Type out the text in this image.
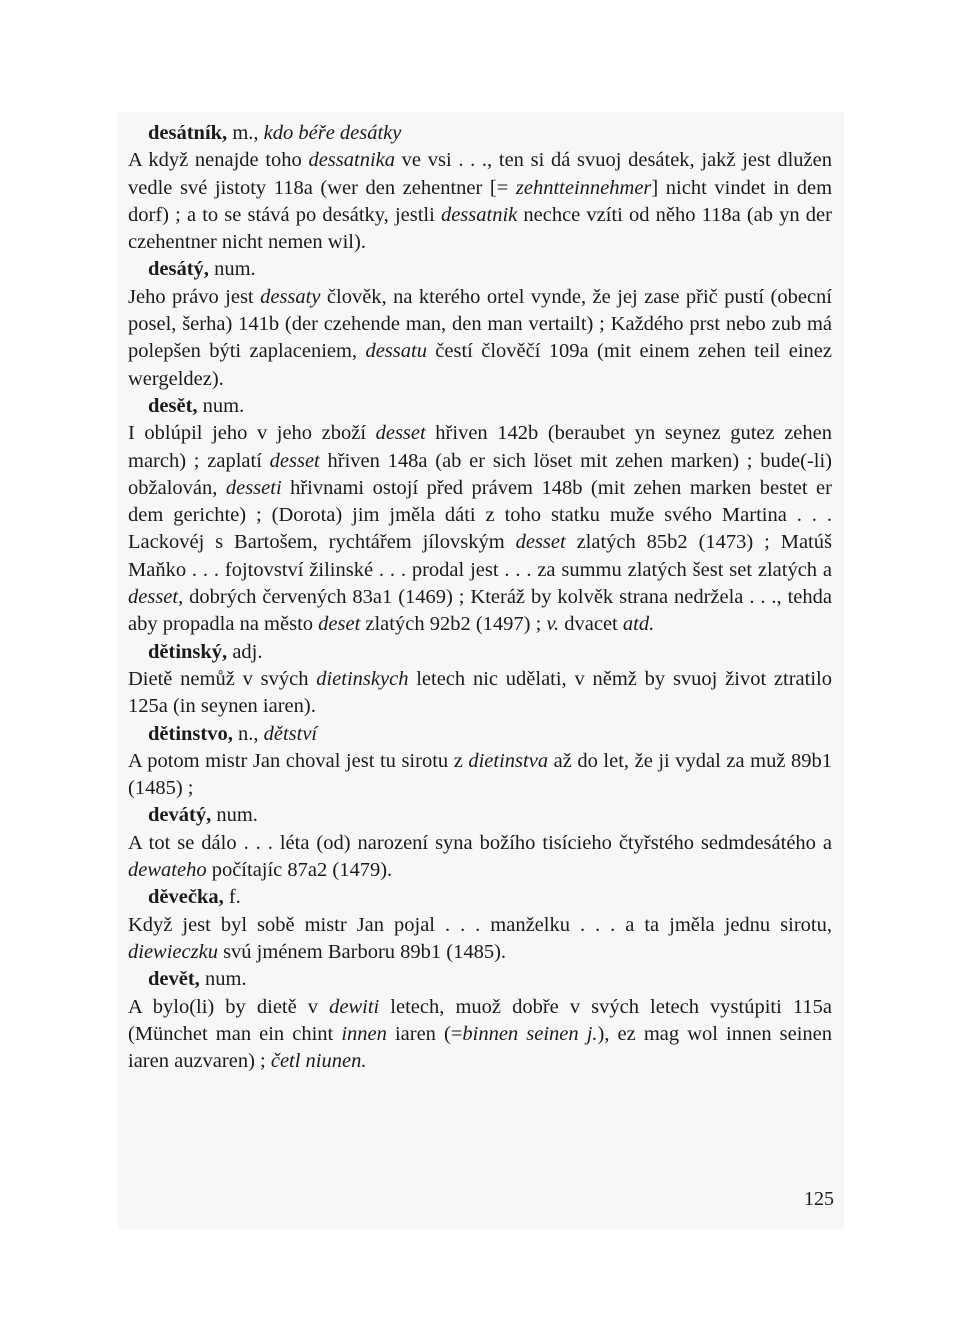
desátník, m., kdo béře desátky

A když nenajde toho dessatnika ve vsi . . ., ten si dá svuoj desátek, jakž jest dlužen vedle své jistoty 118a (wer den zehentner [= zehntteinnehmer] nicht vindet in dem dorf) ; a to se stává po desátky, jestli dessatnik nechce vzíti od něho 118a (ab yn der czehentner nicht nemen wil).

desátý, num.

Jeho právo jest dessaty člověk, na kterého ortel vynde, že jej zase přič pustí (obecní posel, šerha) 141b (der czehende man, den man vertailt) ; Každého prst nebo zub má polepšen býti zaplaceniem, dessatu čestí člověčí 109a (mit einem zehen teil einez wergeldez).

desět, num.

I oblúpil jeho v jeho zboží desset hřiven 142b (beraubet yn seynez gutez zehen march) ; zaplatí desset hřiven 148a (ab er sich löset mit zehen marken) ; bude(-li) obžalován, desseti hřivnami ostojí před právem 148b (mit zehen marken bestet er dem gerichte) ; (Dorota) jim jměla dáti z toho statku muže svého Martina . . . Lackovéj s Bartošem, rychtářem jílovským desset zlatých 85b2 (1473) ; Matúš Maňko . . . fojtovství žilinské . . . prodal jest . . . za summu zlatých šest set zlatých a desset, dobrých červených 83a1 (1469) ; Kteráž by kolvěk strana nedržela . . ., tehda aby propadla na město deset zlatých 92b2 (1497) ; v. dvacet atd.

dětinský, adj.

Dietě nemůž v svých dietinskych letech nic udělati, v němž by svuoj život ztratilo 125a (in seynen iaren).

dětinstvo, n., dětství

A potom mistr Jan choval jest tu sirotu z dietinstva až do let, že ji vydal za muž 89b1 (1485) ;

devátý, num.

A tot se dálo . . . léta (od) narození syna božího tisícieho čtyřstého sedmdesátého a dewateho počítajíc 87a2 (1479).

děvečka, f.

Když jest byl sobě mistr Jan pojal . . . manželku . . . a ta jměla jednu sirotu, diewieczku svú jménem Barboru 89b1 (1485).

devět, num.

A bylo(li) by dietě v dewiti letech, muož dobře v svých letech vystúpiti 115a (Münchet man ein chint innen iaren (=binnen seinen j.), ez mag wol innen seinen iaren auzvaren) ; četl niunen.

125
